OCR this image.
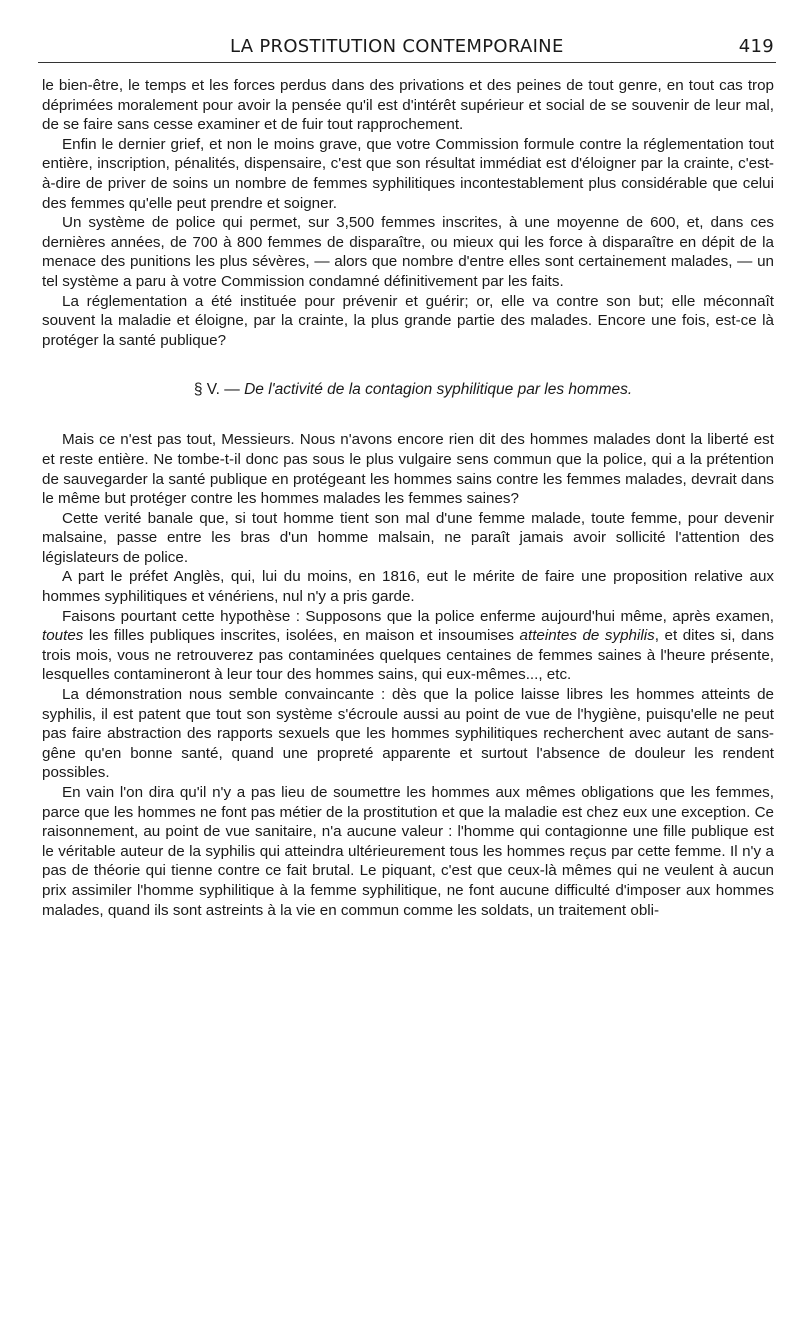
LA PROSTITUTION CONTEMPORAINE	419

le bien-être, le temps et les forces perdus dans des privations et des peines de tout genre, en tout cas trop déprimées moralement pour avoir la pensée qu'il est d'intérêt supérieur et social de se souvenir de leur mal, de se faire sans cesse examiner et de fuir tout rapprochement.

Enfin le dernier grief, et non le moins grave, que votre Commission formule contre la réglementation tout entière, inscription, pénalités, dispensaire, c'est que son résultat immédiat est d'éloigner par la crainte, c'est-à-dire de priver de soins un nombre de femmes syphilitiques incontestablement plus considérable que celui des femmes qu'elle peut prendre et soigner.

Un système de police qui permet, sur 3,500 femmes inscrites, à une moyenne de 600, et, dans ces dernières années, de 700 à 800 femmes de disparaître, ou mieux qui les force à disparaître en dépit de la menace des punitions les plus sévères, — alors que nombre d'entre elles sont certainement malades, — un tel système a paru à votre Commission condamné définitivement par les faits.

La réglementation a été instituée pour prévenir et guérir; or, elle va contre son but; elle méconnaît souvent la maladie et éloigne, par la crainte, la plus grande partie des malades. Encore une fois, est-ce là protéger la santé publique?

§ V. — De l'activité de la contagion syphilitique par les hommes.

Mais ce n'est pas tout, Messieurs. Nous n'avons encore rien dit des hommes malades dont la liberté est et reste entière. Ne tombe-t-il donc pas sous le plus vulgaire sens commun que la police, qui a la prétention de sauvegarder la santé publique en protégeant les hommes sains contre les femmes malades, devrait dans le même but protéger contre les hommes malades les femmes saines?

Cette verité banale que, si tout homme tient son mal d'une femme malade, toute femme, pour devenir malsaine, passe entre les bras d'un homme malsain, ne paraît jamais avoir sollicité l'attention des législateurs de police.

A part le préfet Anglès, qui, lui du moins, en 1816, eut le mérite de faire une proposition relative aux hommes syphilitiques et vénériens, nul n'y a pris garde.

Faisons pourtant cette hypothèse : Supposons que la police enferme aujourd'hui même, après examen, toutes les filles publiques inscrites, isolées, en maison et insoumises atteintes de syphilis, et dites si, dans trois mois, vous ne retrouverez pas contaminées quelques centaines de femmes saines à l'heure présente, lesquelles contamineront à leur tour des hommes sains, qui eux-mêmes..., etc.

La démonstration nous semble convaincante : dès que la police laisse libres les hommes atteints de syphilis, il est patent que tout son système s'écroule aussi au point de vue de l'hygiène, puisqu'elle ne peut pas faire abstraction des rapports sexuels que les hommes syphilitiques recherchent avec autant de sans-gêne qu'en bonne santé, quand une propreté apparente et surtout l'absence de douleur les rendent possibles.

En vain l'on dira qu'il n'y a pas lieu de soumettre les hommes aux mêmes obligations que les femmes, parce que les hommes ne font pas métier de la prostitution et que la maladie est chez eux une exception. Ce raisonnement, au point de vue sanitaire, n'a aucune valeur : l'homme qui contagionne une fille publique est le véritable auteur de la syphilis qui atteindra ultérieurement tous les hommes reçus par cette femme. Il n'y a pas de théorie qui tienne contre ce fait brutal. Le piquant, c'est que ceux-là mêmes qui ne veulent à aucun prix assimiler l'homme syphilitique à la femme syphilitique, ne font aucune difficulté d'imposer aux hommes malades, quand ils sont astreints à la vie en commun comme les soldats, un traitement obli-
